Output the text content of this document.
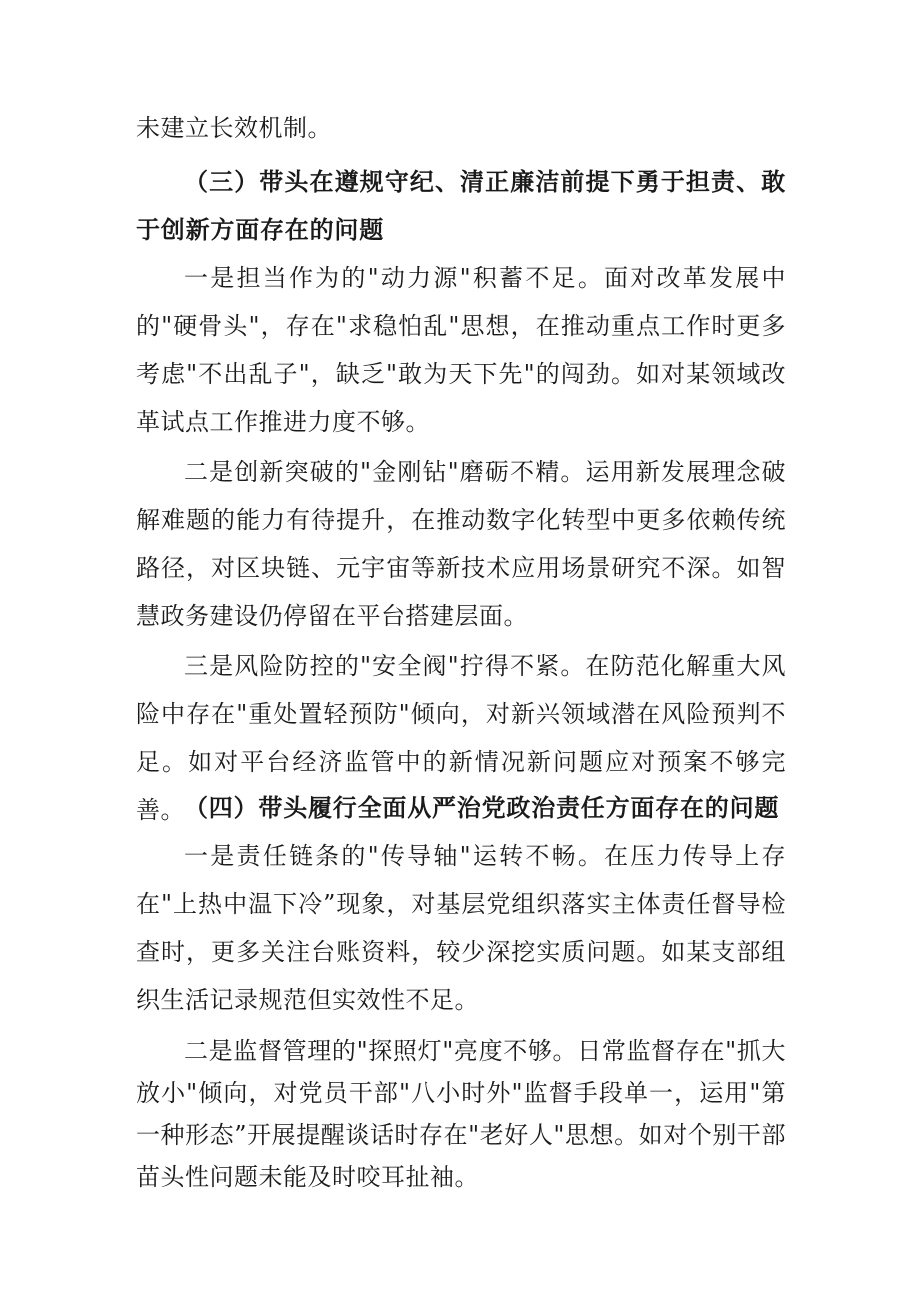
未建立长效机制。

（三）带头在遵规守纪、清正廉洁前提下勇于担责、敢于创新方面存在的问题

一是担当作为的"动力源"积蓄不足。面对改革发展中的"硬骨头"，存在"求稳怕乱"思想，在推动重点工作时更多考虑"不出乱子"，缺乏"敢为天下先"的闯劲。如对某领域改革试点工作推进力度不够。

二是创新突破的"金刚钻"磨砺不精。运用新发展理念破解难题的能力有待提升，在推动数字化转型中更多依赖传统路径，对区块链、元宇宙等新技术应用场景研究不深。如智慧政务建设仍停留在平台搭建层面。

三是风险防控的"安全阀"拧得不紧。在防范化解重大风险中存在"重处置轻预防"倾向，对新兴领域潜在风险预判不足。如对平台经济监管中的新情况新问题应对预案不够完善。 （四）带头履行全面从严治党政治责任方面存在的问题

一是责任链条的"传导轴"运转不畅。在压力传导上存在"上热中温下冷”现象，对基层党组织落实主体责任督导检查时，更多关注台账资料，较少深挖实质问题。如某支部组织生活记录规范但实效性不足。

二是监督管理的"探照灯"亮度不够。日常监督存在"抓大放小"倾向，对党员干部"八小时外"监督手段单一，运用"第一种形态”开展提醒谈话时存在"老好人"思想。如对个别干部苗头性问题未能及时咬耳扯袖。
